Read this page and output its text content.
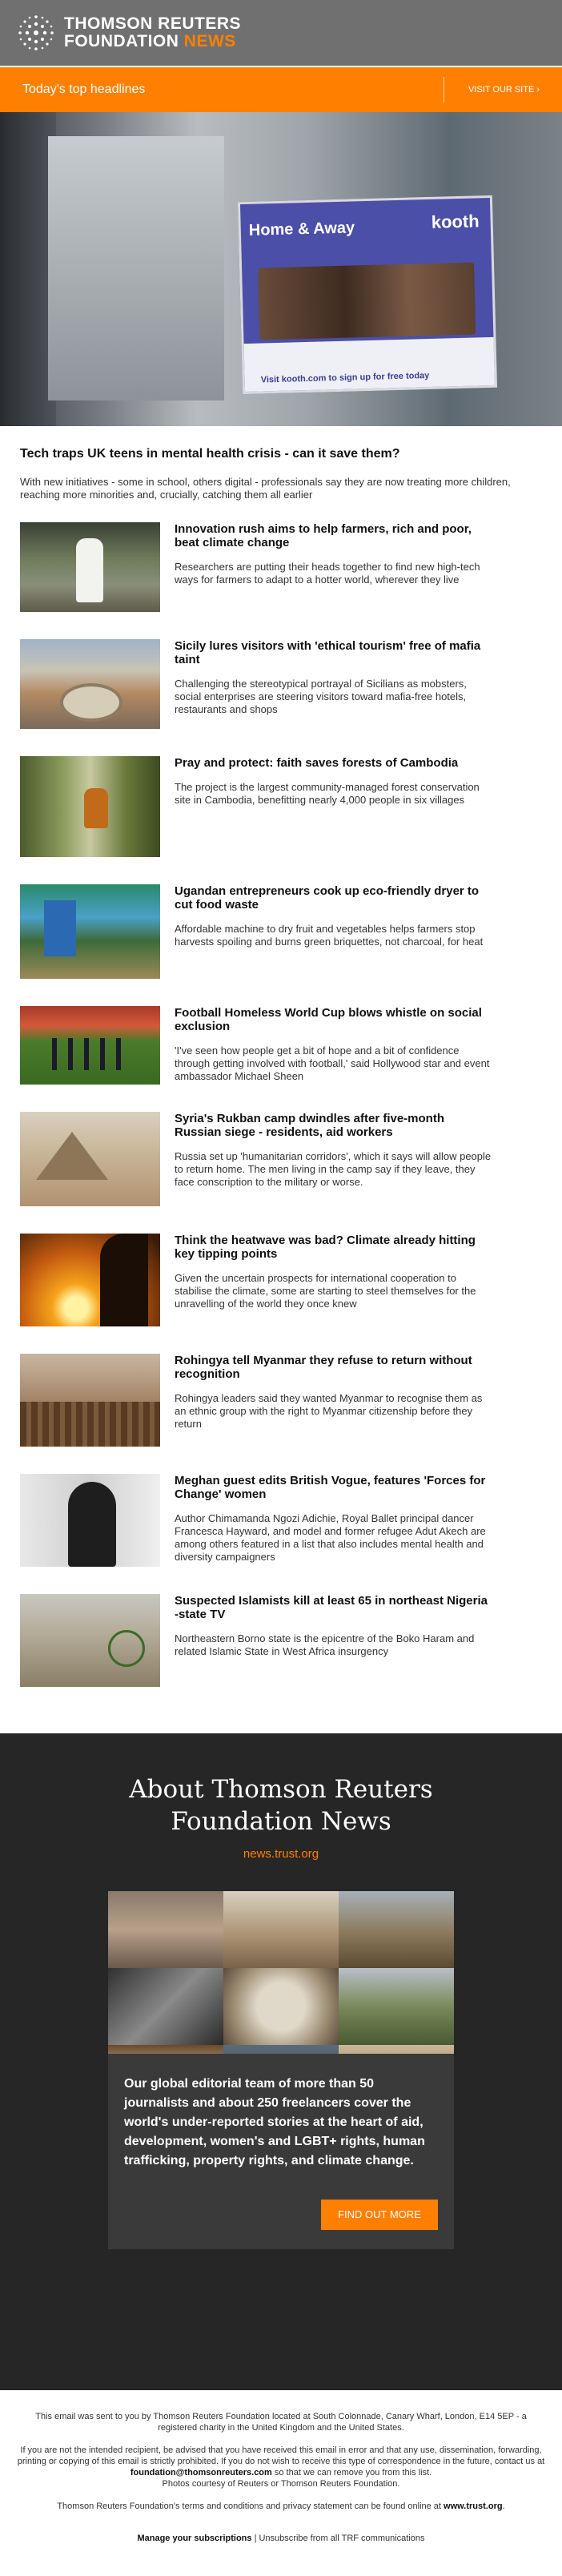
THOMSON REUTERS
FOUNDATION NEWS
Today's top headlines	VISIT OUR SITE ›
Home & Away	kooth
Visit kooth.com to sign up for free today
Tech traps UK teens in mental health crisis - can it save them?

With new initiatives - some in school, others digital - professionals say they are now treating more children, reaching more minorities and, crucially, catching them all earlier

Innovation rush aims to help farmers, rich and poor, beat climate change

Researchers are putting their heads together to find new high-tech ways for farmers to adapt to a hotter world, wherever they live

Sicily lures visitors with 'ethical tourism' free of mafia taint

Challenging the stereotypical portrayal of Sicilians as mobsters, social enterprises are steering visitors toward mafia-free hotels, restaurants and shops

Pray and protect: faith saves forests of Cambodia

The project is the largest community-managed forest conservation site in Cambodia, benefitting nearly 4,000 people in six villages

Ugandan entrepreneurs cook up eco-friendly dryer to cut food waste

Affordable machine to dry fruit and vegetables helps farmers stop harvests spoiling and burns green briquettes, not charcoal, for heat

Football Homeless World Cup blows whistle on social exclusion

'I've seen how people get a bit of hope and a bit of confidence through getting involved with football,' said Hollywood star and event ambassador Michael Sheen

Syria's Rukban camp dwindles after five-month Russian siege - residents, aid workers

Russia set up 'humanitarian corridors', which it says will allow people to return home. The men living in the camp say if they leave, they face conscription to the military or worse.

Think the heatwave was bad? Climate already hitting key tipping points

Given the uncertain prospects for international cooperation to stabilise the climate, some are starting to steel themselves for the unravelling of the world they once knew

Rohingya tell Myanmar they refuse to return without recognition

Rohingya leaders said they wanted Myanmar to recognise them as an ethnic group with the right to Myanmar citizenship before they return

Meghan guest edits British Vogue, features 'Forces for Change' women

Author Chimamanda Ngozi Adichie, Royal Ballet principal dancer Francesca Hayward, and model and former refugee Adut Akech are among others featured in a list that also includes mental health and diversity campaigners

Suspected Islamists kill at least 65 in northeast Nigeria -state TV

Northeastern Borno state is the epicentre of the Boko Haram and related Islamic State in West Africa insurgency

About Thomson Reuters
Foundation News
news.trust.org

Our global editorial team of more than 50 journalists and about 250 freelancers cover the world's under-reported stories at the heart of aid, development, women's and LGBT+ rights, human trafficking, property rights, and climate change.

FIND OUT MORE

This email was sent to you by Thomson Reuters Foundation located at South Colonnade, Canary Wharf, London, E14 5EP - a registered charity in the United Kingdom and the United States.

If you are not the intended recipient, be advised that you have received this email in error and that any use, dissemination, forwarding, printing or copying of this email is strictly prohibited. If you do not wish to receive this type of correspondence in the future, contact us at foundation@thomsonreuters.com so that we can remove you from this list.
Photos courtesy of Reuters or Thomson Reuters Foundation.

Thomson Reuters Foundation's terms and conditions and privacy statement can be found online at www.trust.org.

Manage your subscriptions | Unsubscribe from all TRF communications
